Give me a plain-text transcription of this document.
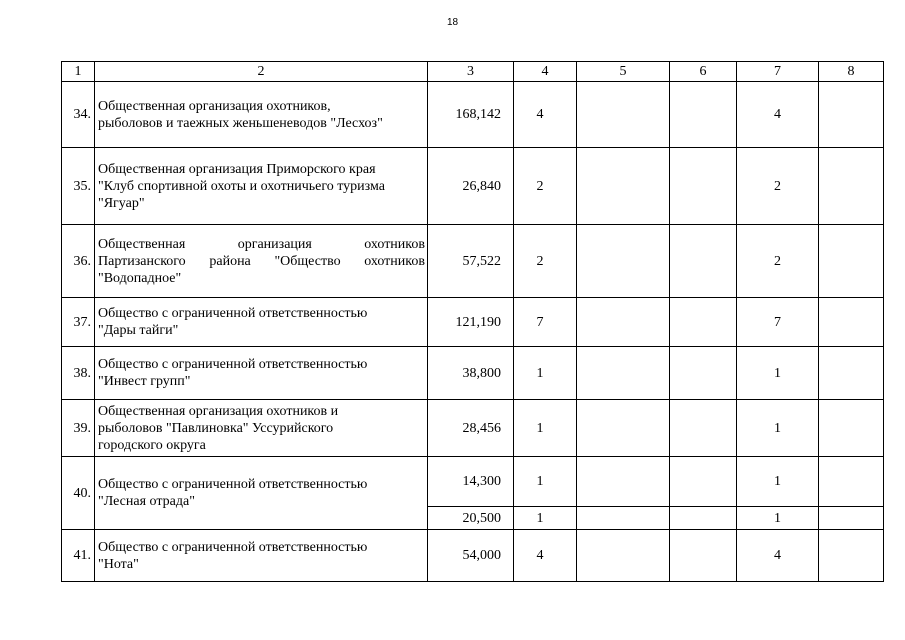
18
1	2	3	4	5	6	7	8
34.	Общественная организация охотников,
рыболовов и таежных женьшеневодов "Лесхоз"	168,142	4			4	
35.	Общественная организация Приморского края
"Клуб спортивной охоты и охотничьего туризма
"Ягуар"	26,840	2			2	
36.	Общественная организация охотников
Партизанского района "Общество охотников
"Водопадное"	57,522	2			2	
37.	Общество с ограниченной ответственностью
"Дары тайги"	121,190	7			7	
38.	Общество с ограниченной ответственностью
"Инвест групп"	38,800	1			1	
39.	Общественная организация охотников и
рыболовов "Павлиновка" Уссурийского
городского округа	28,456	1			1	
40.	Общество с ограниченной ответственностью
"Лесная отрада"	14,300	1			1	
		20,500	1			1	
41.	Общество с ограниченной ответственностью
"Нота"	54,000	4			4	
